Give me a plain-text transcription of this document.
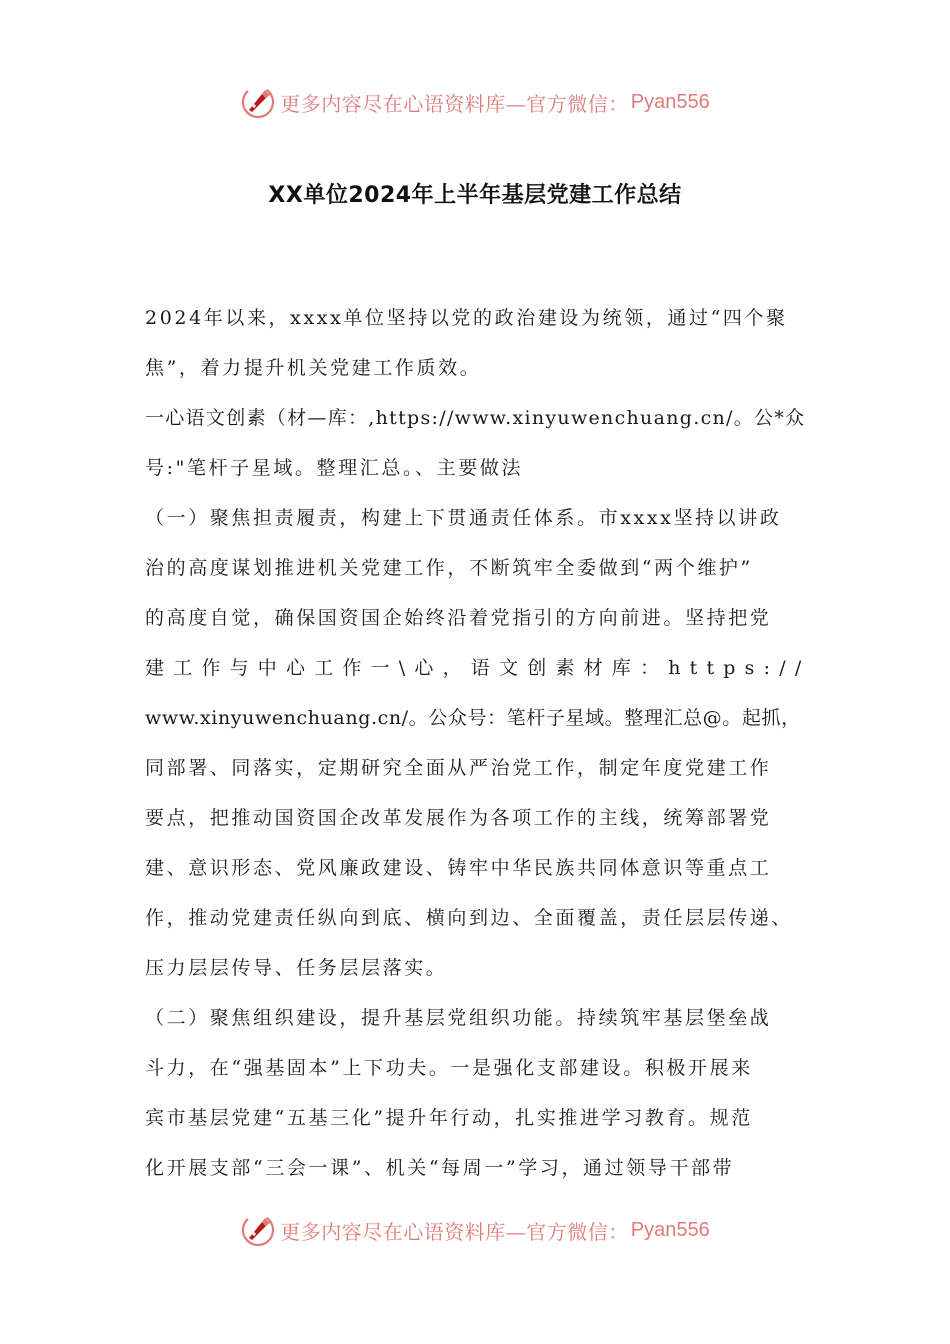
更多内容尽在心语资料库—官方微信： Pyan556
XX单位2024年上半年基层党建工作总结
2024年以来，xxxx单位坚持以党的政治建设为统领，通过“四个聚
焦”，着力提升机关党建工作质效。
一心语文创素（材—库：,https://www.xinyuwenchuang.cn/。公*众
号:"笔杆子星域。整理汇总。、主要做法
（一）聚焦担责履责，构建上下贯通责任体系。市xxxx坚持以讲政
治的高度谋划推进机关党建工作，不断筑牢全委做到“两个维护”
的高度自觉，确保国资国企始终沿着党指引的方向前进。坚持把党
建工作与中心工作一\心，语文创素材库：https://
www.xinyuwenchuang.cn/。公众号：笔杆子星域。整理汇总@。起抓，
同部署、同落实，定期研究全面从严治党工作，制定年度党建工作
要点，把推动国资国企改革发展作为各项工作的主线，统筹部署党
建、意识形态、党风廉政建设、铸牢中华民族共同体意识等重点工
作，推动党建责任纵向到底、横向到边、全面覆盖，责任层层传递、
压力层层传导、任务层层落实。
（二）聚焦组织建设，提升基层党组织功能。持续筑牢基层堡垒战
斗力，在“强基固本”上下功夫。一是强化支部建设。积极开展来
宾市基层党建“五基三化”提升年行动，扎实推进学习教育。规范
化开展支部“三会一课”、机关“每周一”学习，通过领导干部带
更多内容尽在心语资料库—官方微信： Pyan556
